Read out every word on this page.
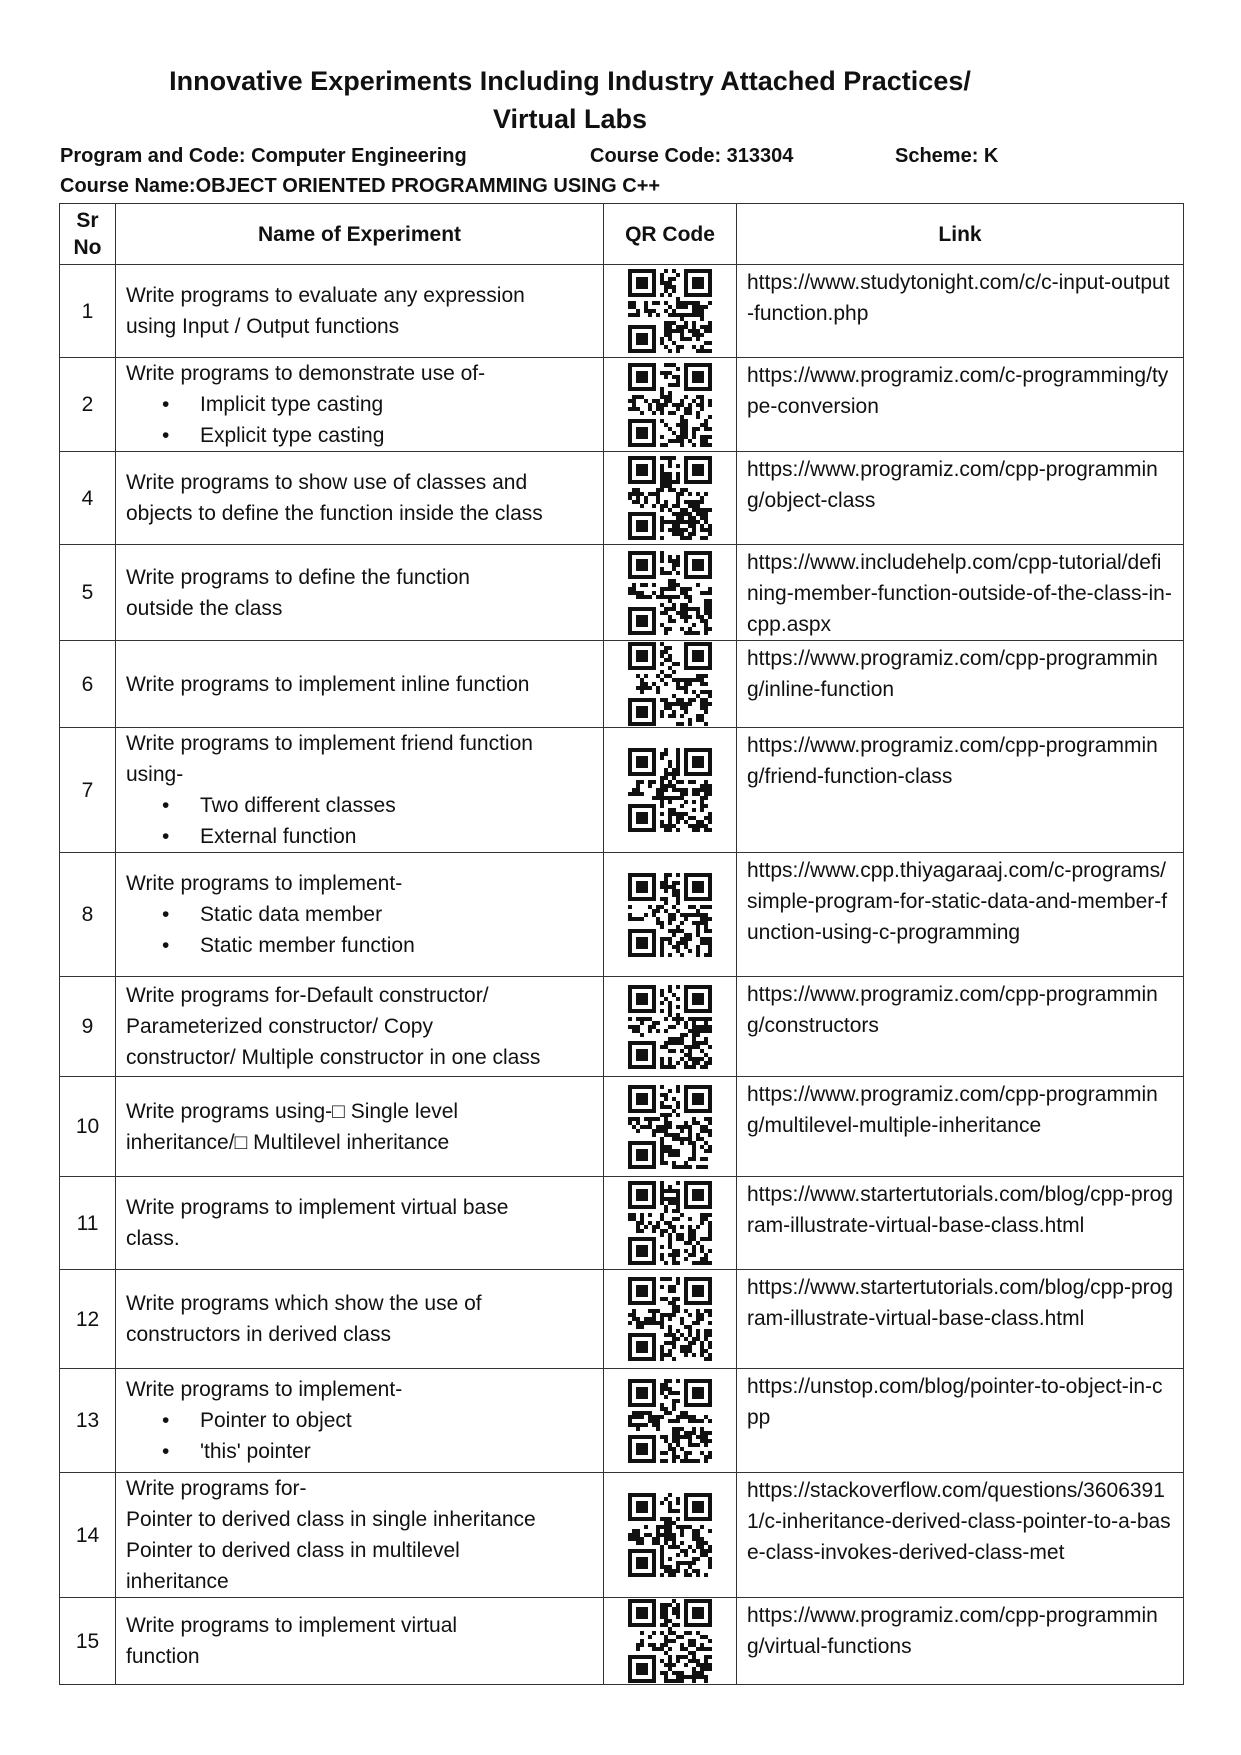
Innovative Experiments Including Industry Attached Practices/
Virtual Labs
Program and Code: Computer Engineering	Course Code: 313304	Scheme: K
Course Name:OBJECT ORIENTED PROGRAMMING USING C++
Sr
No	Name of Experiment	QR Code	Link
1	Write programs to evaluate any expression
using Input / Output functions		https://www.studytonight.com/c/c-input-output-function.php
2	Write programs to demonstrate use of-
• Implicit type casting
• Explicit type casting		https://www.programiz.com/c-programming/type-conversion
4	Write programs to show use of classes and
objects to define the function inside the class		https://www.programiz.com/cpp-programming/object-class
5	Write programs to define the function
outside the class		https://www.includehelp.com/cpp-tutorial/defining-member-function-outside-of-the-class-in-cpp.aspx
6	Write programs to implement inline function		https://www.programiz.com/cpp-programming/inline-function
7	Write programs to implement friend function
using-
• Two different classes
• External function		https://www.programiz.com/cpp-programming/friend-function-class
8	Write programs to implement-
• Static data member
• Static member function		https://www.cpp.thiyagaraaj.com/c-programs/simple-program-for-static-data-and-member-function-using-c-programming
9	Write programs for-Default constructor/
Parameterized constructor/ Copy
constructor/ Multiple constructor in one class		https://www.programiz.com/cpp-programming/constructors
10	Write programs using-□ Single level
inheritance/□ Multilevel inheritance		https://www.programiz.com/cpp-programming/multilevel-multiple-inheritance
11	Write programs to implement virtual base
class.		https://www.startertutorials.com/blog/cpp-program-illustrate-virtual-base-class.html
12	Write programs which show the use of
constructors in derived class		https://www.startertutorials.com/blog/cpp-program-illustrate-virtual-base-class.html
13	Write programs to implement-
• Pointer to object
• 'this' pointer		https://unstop.com/blog/pointer-to-object-in-cpp
14	Write programs for-
Pointer to derived class in single inheritance
Pointer to derived class in multilevel
inheritance		https://stackoverflow.com/questions/36063911/c-inheritance-derived-class-pointer-to-a-base-class-invokes-derived-class-met
15	Write programs to implement virtual
function		https://www.programiz.com/cpp-programming/virtual-functions
